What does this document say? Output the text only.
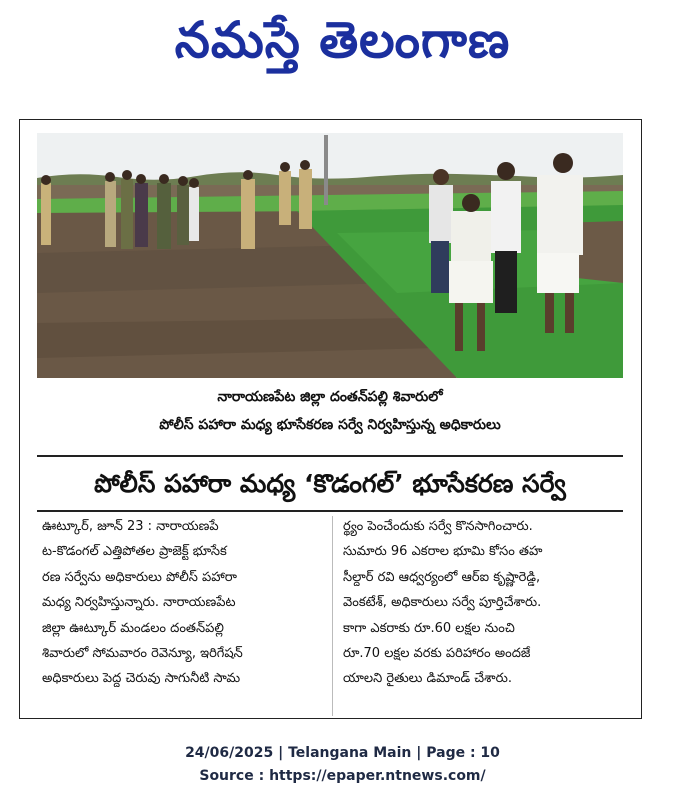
నమస్తే తెలంగాణ
నారాయణపేట జిల్లా దంతన్‌పల్లి శివారులో
పోలీస్ పహారా మధ్య భూసేకరణ సర్వే నిర్వహిస్తున్న అధికారులు
పోలీస్ పహారా మధ్య ‘కొడంగల్’ భూసేకరణ సర్వే
ఊట్కూర్, జూన్ 23 : నారాయణపే
ట-కొడంగల్ ఎత్తిపోతల ప్రాజెక్ట్ భూసేక
రణ సర్వేను అధికారులు పోలీస్ పహారా
మధ్య నిర్వహిస్తున్నారు. నారాయణపేట
జిల్లా ఊట్కూర్ మండలం దంతన్‌పల్లి
శివారులో సోమవారం రెవెన్యూ, ఇరిగేషన్
అధికారులు పెద్ద చెరువు సాగునీటి సామ
ర్థ్యం పెంచేందుకు సర్వే కొనసాగించారు.
సుమారు 96 ఎకరాల భూమి కోసం తహ
సీల్దార్ రవి ఆధ్వర్యంలో ఆర్ఐ కృష్ణారెడ్డి,
వెంకటేశ్, అధికారులు సర్వే పూర్తిచేశారు.
కాగా ఎకరాకు రూ.60 లక్షల నుంచి
రూ.70 లక్షల వరకు పరిహారం అందజే
యాలని రైతులు డిమాండ్ చేశారు.
24/06/2025 | Telangana Main | Page : 10
Source : https://epaper.ntnews.com/
